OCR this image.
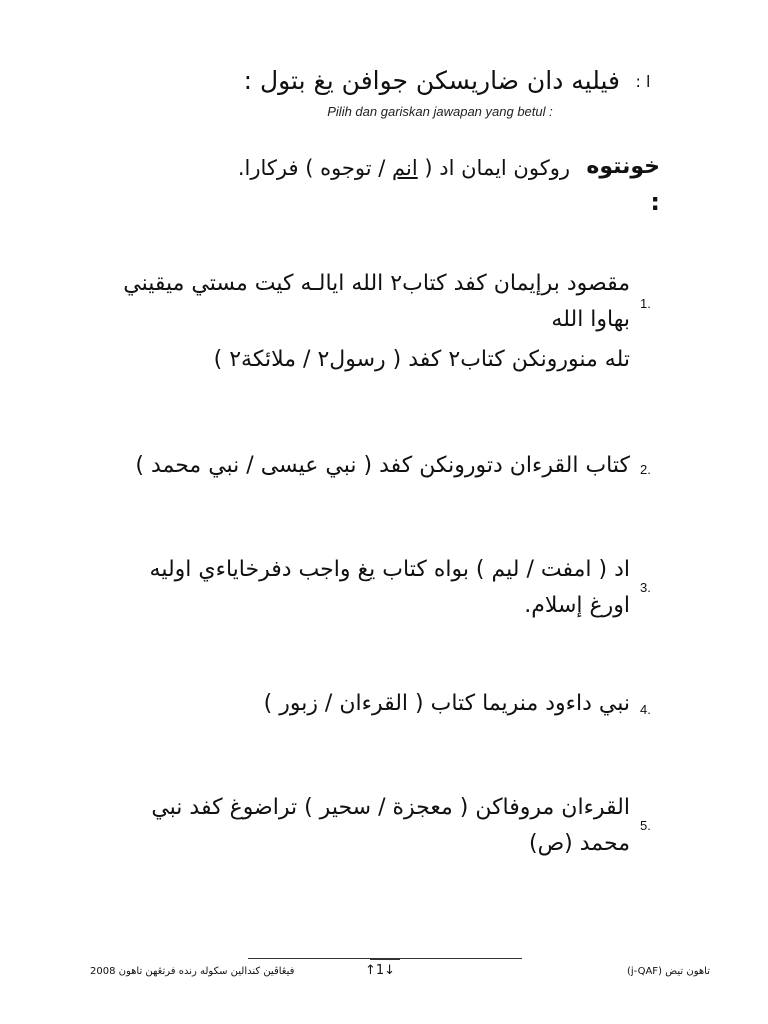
ا :
فيليه دان ضاريسكن جوافن يغ بتول :
Pilih dan gariskan jawapan yang betul :
خونتوه
روكون ايمان اد ( انم / توجوه ) فركارا.
:
1.
مقصود برإيمان كفد كتاب٢ الله ايالـه كيت مستي ميقيني بهاوا الله
تله منورونكن كتاب٢ كفد ( رسول٢ / ملائكة٢ )
2.
كتاب القرءان دتورونكن كفد ( نبي عيسى / نبي محمد )
3.
اد ( امفت / ليم ) بواه كتاب يغ واجب دفرخاياءي اوليه
اورغ إسلام.
4.
نبي داءود منريما كتاب ( القرءان / زبور )
5.
القرءان مروفاكن ( معجزة / سحير ) تراضوغ كفد نبي
محمد (ص)
فيڠاڤين كندالين سكوله رنده فرتڠهن تاهون 2008	↑1↓	تاهون تيض (j-QAF)
